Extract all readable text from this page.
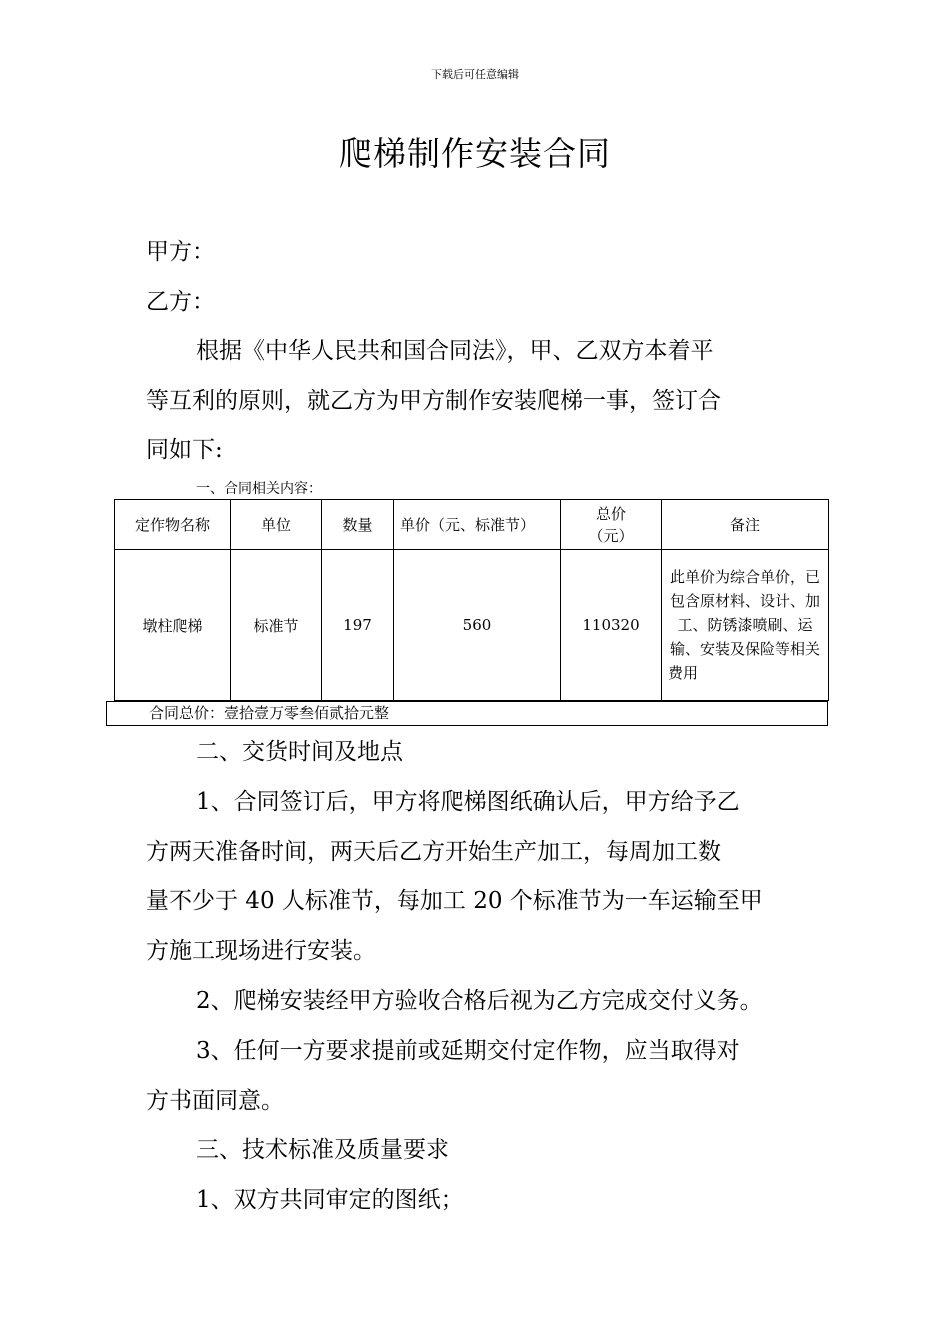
下载后可任意编辑
爬梯制作安装合同
甲方：
乙方：
根据《中华人民共和国合同法》，甲、乙双方本着平
等互利的原则，就乙方为甲方制作安装爬梯一事，签订合
同如下:
一、合同相关内容：
定作物名称	单位	数量	单价（元、标准节）	总价（元）	备注
墩柱爬梯	标准节	197	560	110320	此单价为综合单价，已包含原材料、设计、加工、防锈漆喷刷、运输、安装及保险等相关费用
合同总价：壹拾壹万零叁佰贰拾元整
二、交货时间及地点
1、合同签订后，甲方将爬梯图纸确认后，甲方给予乙
方两天准备时间，两天后乙方开始生产加工，每周加工数
量不少于 40 人标准节，每加工 20 个标准节为一车运输至甲
方施工现场进行安装。
2、爬梯安装经甲方验收合格后视为乙方完成交付义务。
3、任何一方要求提前或延期交付定作物，应当取得对
方书面同意。
三、技术标准及质量要求
1、双方共同审定的图纸；
